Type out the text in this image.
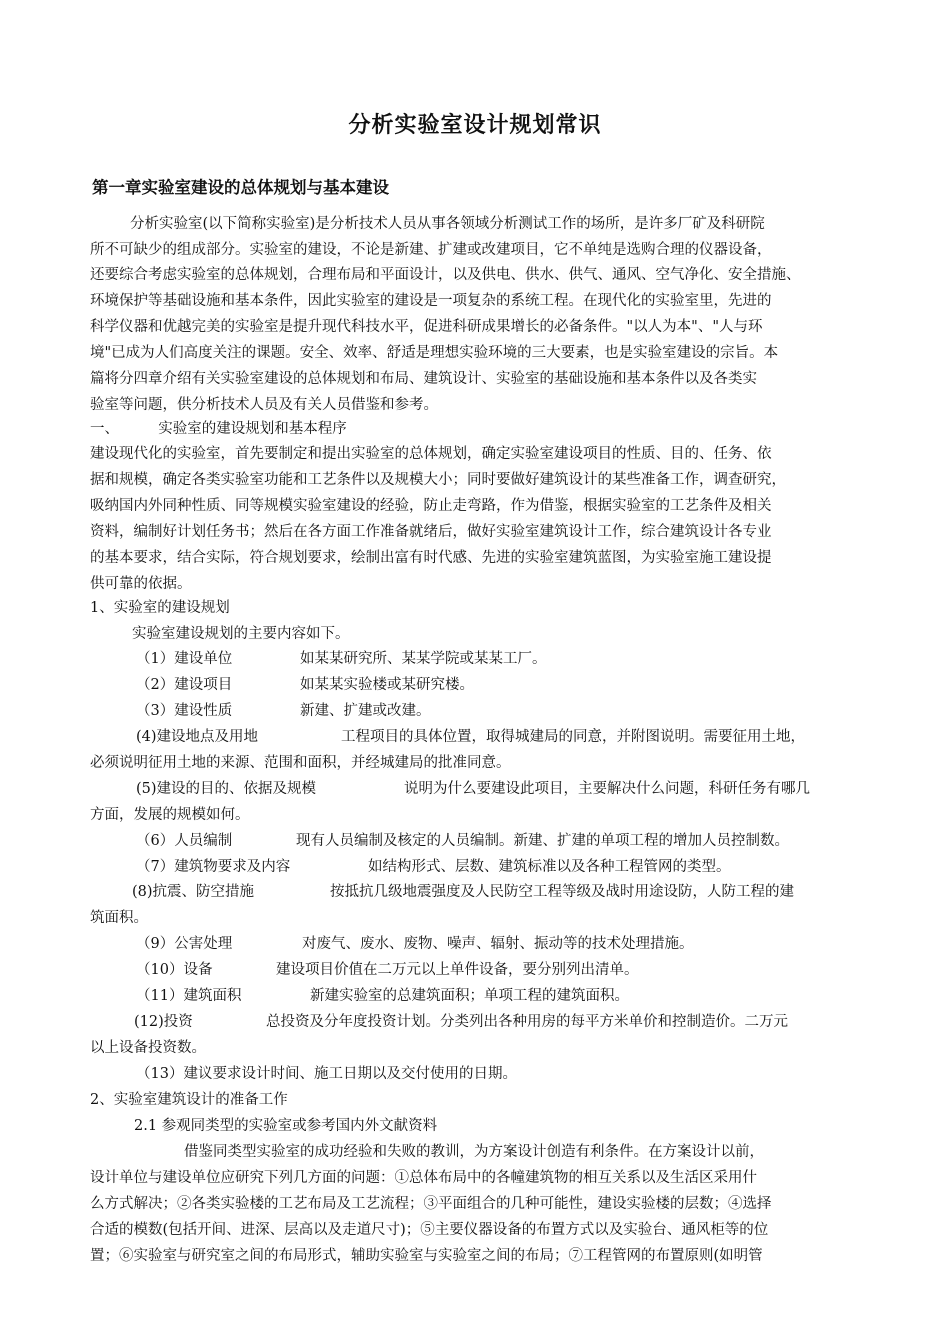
分析实验室设计规划常识
第一章实验室建设的总体规划与基本建设

分析实验室(以下简称实验室)是分析技术人员从事各领域分析测试工作的场所，是许多厂矿及科研院

所不可缺少的组成部分。实验室的建设，不论是新建、扩建或改建项目，它不单纯是选购合理的仪器设备，

还要综合考虑实验室的总体规划，合理布局和平面设计，以及供电、供水、供气、通风、空气净化、安全措施、

环境保护等基础设施和基本条件，因此实验室的建设是一项复杂的系统工程。在现代化的实验室里，先进的

科学仪器和优越完美的实验室是提升现代科技水平，促进科研成果增长的必备条件。"以人为本"、"人与环

境"已成为人们高度关注的课题。安全、效率、舒适是理想实验环境的三大要素，也是实验室建设的宗旨。本

篇将分四章介绍有关实验室建设的总体规划和布局、建筑设计、实验室的基础设施和基本条件以及各类实

验室等问题，供分析技术人员及有关人员借鉴和参考。

一、	实验室的建设规划和基本程序

建设现代化的实验室，首先要制定和提出实验室的总体规划，确定实验室建设项目的性质、目的、任务、依

据和规模，确定各类实验室功能和工艺条件以及规模大小；同时要做好建筑设计的某些准备工作，调查研究，

吸纳国内外同种性质、同等规模实验室建设的经验，防止走弯路，作为借鉴，根据实验室的工艺条件及相关

资料，编制好计划任务书；然后在各方面工作准备就绪后，做好实验室建筑设计工作，综合建筑设计各专业

的基本要求，结合实际，符合规划要求，绘制出富有时代感、先进的实验室建筑蓝图，为实验室施工建设提

供可靠的依据。

1、实验室的建设规划

实验室建设规划的主要内容如下。

（1）建设单位	如某某研究所、某某学院或某某工厂。

（2）建设项目	如某某实验楼或某研究楼。

（3）建设性质	新建、扩建或改建。

(4)建设地点及用地	工程项目的具体位置，取得城建局的同意，并附图说明。需要征用土地，

必须说明征用土地的来源、范围和面积，并经城建局的批准同意。

(5)建设的目的、依据及规模	说明为什么要建设此项目，主要解决什么问题，科研任务有哪几

方面，发展的规模如何。

（6）人员编制	现有人员编制及核定的人员编制。新建、扩建的单项工程的增加人员控制数。

（7）建筑物要求及内容	如结构形式、层数、建筑标准以及各种工程管网的类型。

(8)抗震、防空措施	按抵抗几级地震强度及人民防空工程等级及战时用途设防，人防工程的建

筑面积。

（9）公害处理	对废气、废水、废物、噪声、辐射、振动等的技术处理措施。

（10）设备	建设项目价值在二万元以上单件设备，要分别列出清单。

（11）建筑面积	新建实验室的总建筑面积；单项工程的建筑面积。

(12)投资	总投资及分年度投资计划。分类列出各种用房的每平方米单价和控制造价。二万元

以上设备投资数。

（13）建议要求设计时间、施工日期以及交付使用的日期。

2、实验室建筑设计的准备工作

2.1 参观同类型的实验室或参考国内外文献资料

借鉴同类型实验室的成功经验和失败的教训，为方案设计创造有利条件。在方案设计以前，

设计单位与建设单位应研究下列几方面的问题：①总体布局中的各幢建筑物的相互关系以及生活区采用什

么方式解决；②各类实验楼的工艺布局及工艺流程；③平面组合的几种可能性，建设实验楼的层数；④选择

合适的模数(包括开间、进深、层高以及走道尺寸)；⑤主要仪器设备的布置方式以及实验台、通风柜等的位

置；⑥实验室与研究室之间的布局形式，辅助实验室与实验室之间的布局；⑦工程管网的布置原则(如明管
